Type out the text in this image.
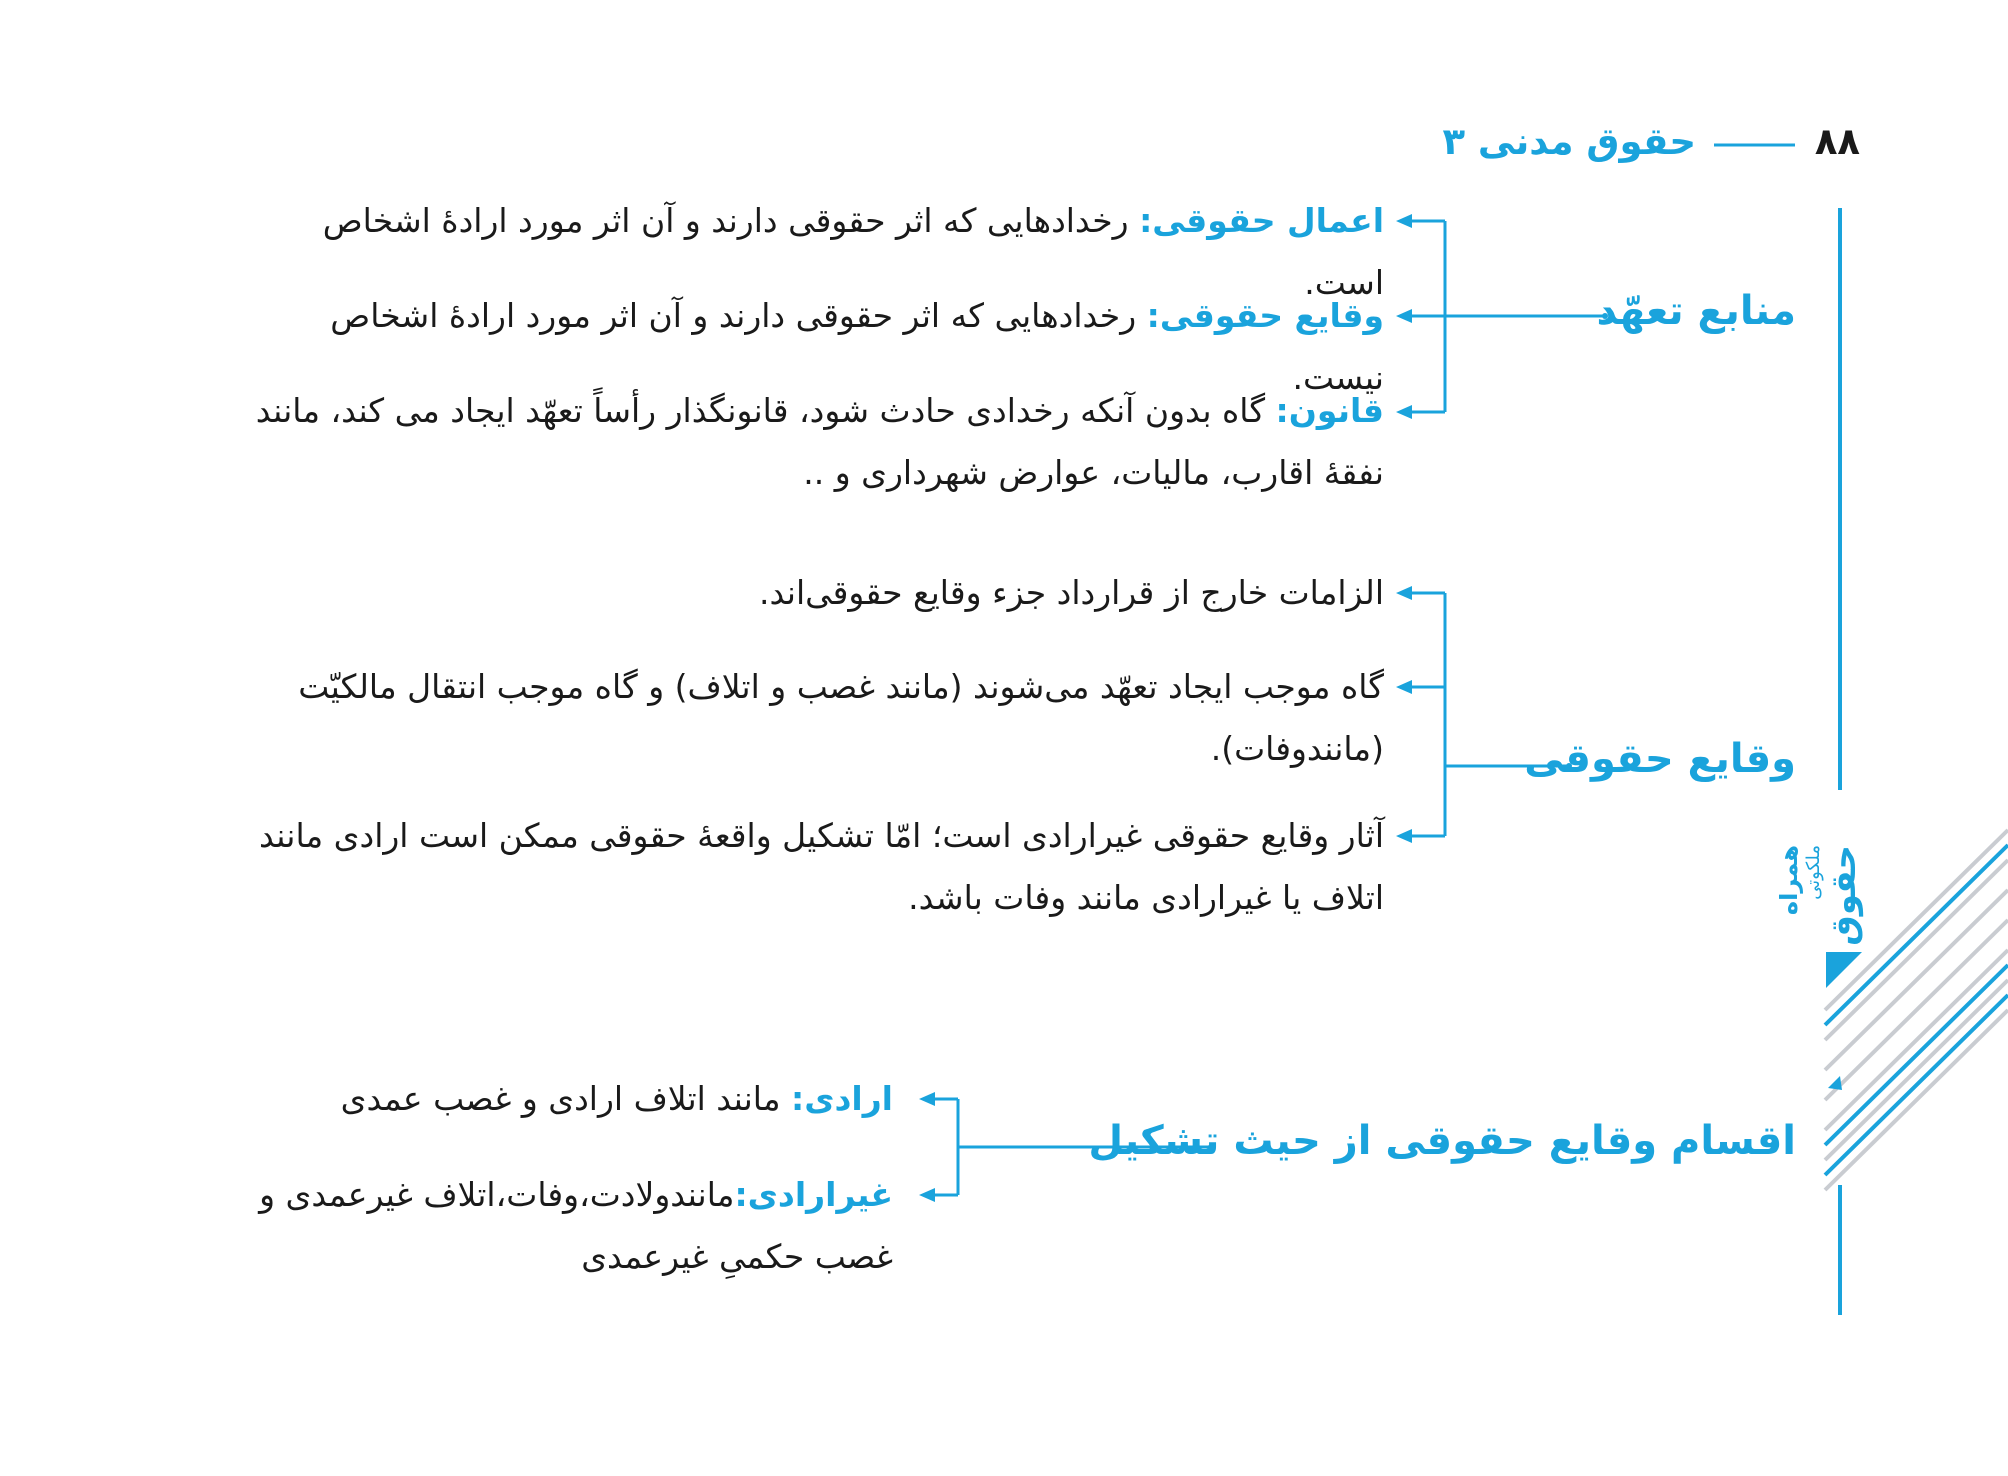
۸۸
حقوق مدنی ۳
همراه ملکوتی حقوق
منابع تعهّد
اعمال حقوقی: رخدادهایی که اثر حقوقی دارند و آن اثر مورد ارادهٔ اشخاص است.
وقایع حقوقی: رخدادهایی که اثر حقوقی دارند و آن اثر مورد ارادهٔ اشخاص نیست.
قانون: گاه بدون آنکه رخدادی حادث شود، قانونگذار رأساً تعهّد ایجاد می کند، مانند نفقهٔ اقارب، مالیات، عوارض شهرداری و ..
وقایع حقوقی
الزامات خارج از قرارداد جزء وقایع حقوقی‌اند.
گاه موجب ایجاد تعهّد می‌شوند (مانند غصب و اتلاف) و گاه موجب انتقال مالکیّت (مانندوفات).
آثار وقایع حقوقی غیرارادی است؛ امّا تشکیل واقعهٔ حقوقی ممکن است ارادی مانند اتلاف یا غیرارادی مانند وفات باشد.
اقسام وقایع حقوقی از حیث تشکیل
ارادی: مانند اتلاف ارادی و غصب عمدی
غیرارادی:مانندولادت،وفات،اتلاف غیرعمدی و غصب حکمیِ غیرعمدی
